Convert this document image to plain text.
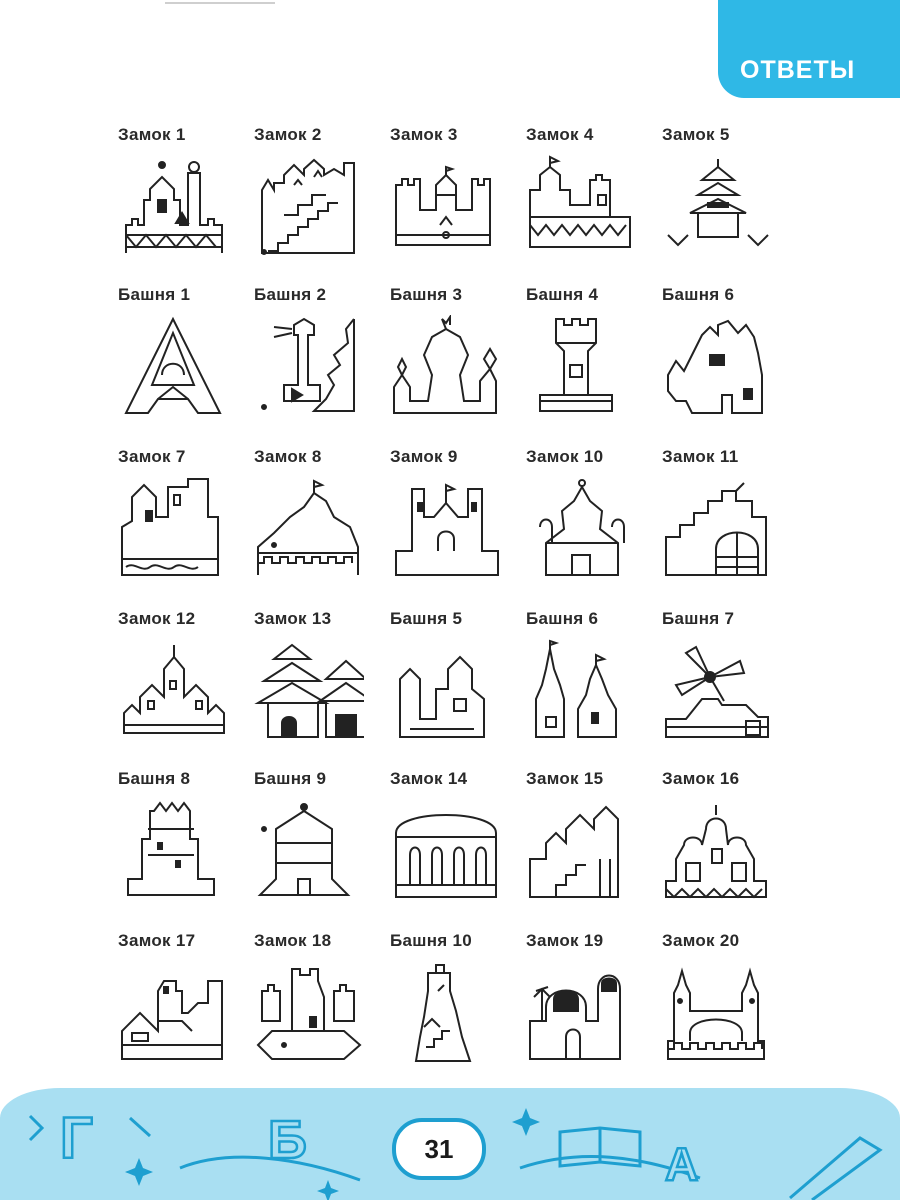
ОТВЕТЫ
Замок 1	Замок 2	Замок 3	Замок 4	Замок 5
Башня 1	Башня 2	Башня 3	Башня 4	Башня 6
Замок 7	Замок 8	Замок 9	Замок 10	Замок 11
Замок 12	Замок 13	Башня 5	Башня 6	Башня 7
Башня 8	Башня 9	Замок 14	Замок 15	Замок 16
Замок 17	Замок 18	Башня 10	Замок 19	Замок 20
Г	Б	А
31
